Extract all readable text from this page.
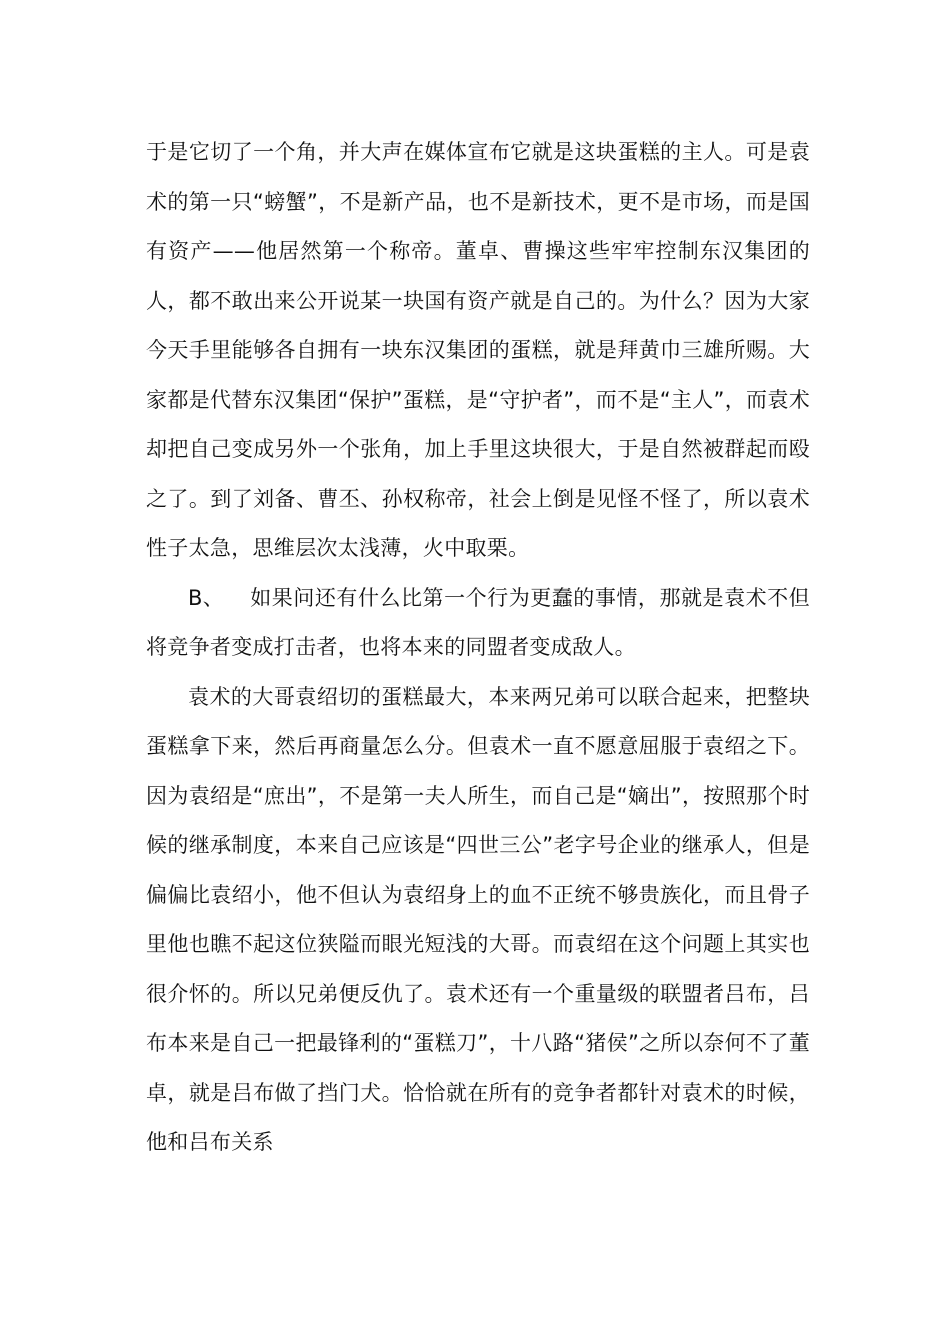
于是它切了一个角，并大声在媒体宣布它就是这块蛋糕的主人。可是袁术的第一只“螃蟹”，不是新产品，也不是新技术，更不是市场，而是国有资产——他居然第一个称帝。董卓、曹操这些牢牢控制东汉集团的人，都不敢出来公开说某一块国有资产就是自己的。为什么？因为大家今天手里能够各自拥有一块东汉集团的蛋糕，就是拜黄巾三雄所赐。大家都是代替东汉集团“保护”蛋糕，是“守护者”，而不是“主人”，而袁术却把自己变成另外一个张角，加上手里这块很大，于是自然被群起而殴之了。到了刘备、曹丕、孙权称帝，社会上倒是见怪不怪了，所以袁术性子太急，思维层次太浅薄，火中取栗。

B、 如果问还有什么比第一个行为更蠢的事情，那就是袁术不但将竞争者变成打击者，也将本来的同盟者变成敌人。

袁术的大哥袁绍切的蛋糕最大，本来两兄弟可以联合起来，把整块蛋糕拿下来，然后再商量怎么分。但袁术一直不愿意屈服于袁绍之下。因为袁绍是“庶出”，不是第一夫人所生，而自己是“嫡出”，按照那个时候的继承制度，本来自己应该是“四世三公”老字号企业的继承人，但是偏偏比袁绍小，他不但认为袁绍身上的血不正统不够贵族化，而且骨子里他也瞧不起这位狭隘而眼光短浅的大哥。而袁绍在这个问题上其实也很介怀的。所以兄弟便反仇了。袁术还有一个重量级的联盟者吕布，吕布本来是自己一把最锋利的“蛋糕刀”，十八路“猪侯”之所以奈何不了董卓，就是吕布做了挡门犬。恰恰就在所有的竞争者都针对袁术的时候，他和吕布关系
